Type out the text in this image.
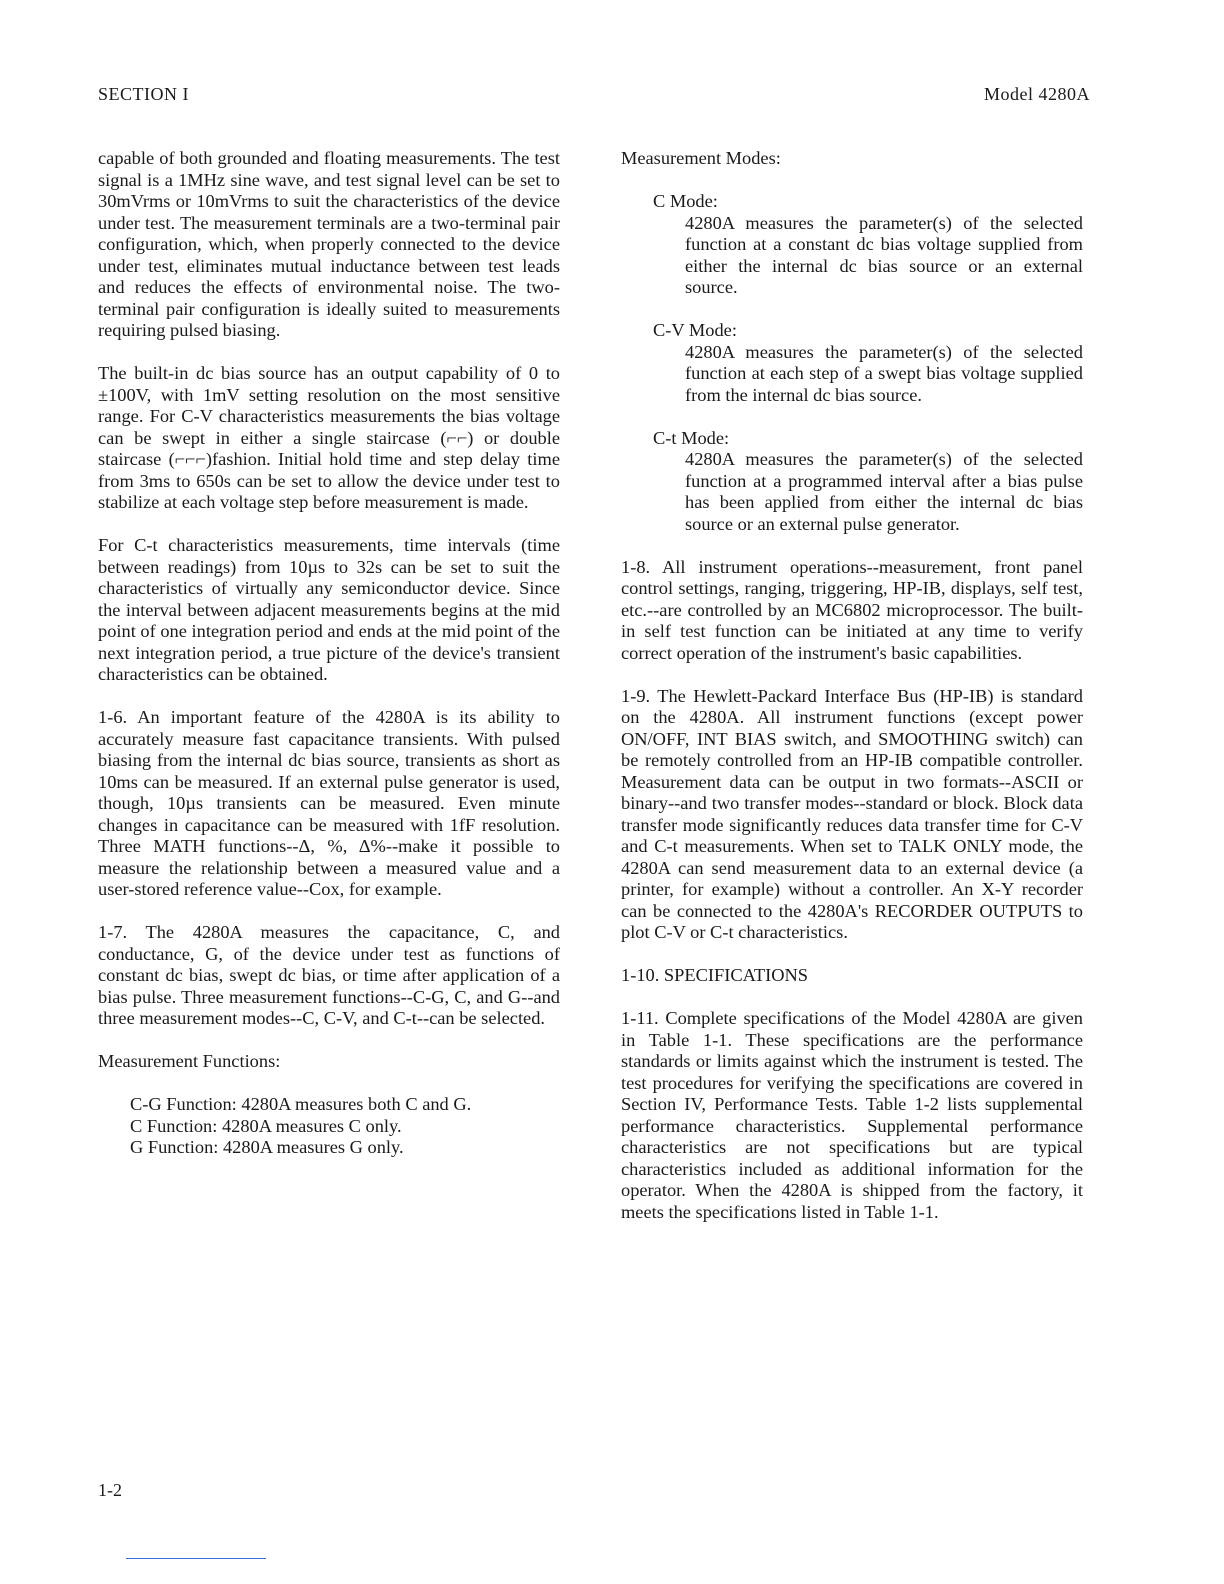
SECTION I	Model 4280A

capable of both grounded and floating measurements. The test signal is a 1MHz sine wave, and test signal level can be set to 30mVrms or 10mVrms to suit the characteristics of the device under test. The measurement terminals are a two-terminal pair configuration, which, when properly connected to the device under test, eliminates mutual inductance between test leads and reduces the effects of environmental noise. The two-terminal pair configuration is ideally suited to measurements requiring pulsed biasing.

The built-in dc bias source has an output capability of 0 to ±100V, with 1mV setting resolution on the most sensitive range. For C-V characteristics measurements the bias voltage can be swept in either a single staircase (⌐⌐) or double staircase (⌐⌐⌐)fashion. Initial hold time and step delay time from 3ms to 650s can be set to allow the device under test to stabilize at each voltage step before measurement is made.

For C-t characteristics measurements, time intervals (time between readings) from 10µs to 32s can be set to suit the characteristics of virtually any semiconductor device. Since the interval between adjacent measurements begins at the mid point of one integration period and ends at the mid point of the next integration period, a true picture of the device's transient characteristics can be obtained.

1-6. An important feature of the 4280A is its ability to accurately measure fast capacitance transients. With pulsed biasing from the internal dc bias source, transients as short as 10ms can be measured. If an external pulse generator is used, though, 10µs transients can be measured. Even minute changes in capacitance can be measured with 1fF resolution. Three MATH functions--Δ, %, Δ%--make it possible to measure the relationship between a measured value and a user-stored reference value--Cox, for example.

1-7. The 4280A measures the capacitance, C, and conductance, G, of the device under test as functions of constant dc bias, swept dc bias, or time after application of a bias pulse. Three measurement functions--C-G, C, and G--and three measurement modes--C, C-V, and C-t--can be selected.

Measurement Functions:
C-G Function: 4280A measures both C and G.
C Function: 4280A measures C only.
G Function: 4280A measures G only.
Measurement Modes:
C Mode:
4280A measures the parameter(s) of the selected function at a constant dc bias voltage supplied from either the internal dc bias source or an external source.
C-V Mode:
4280A measures the parameter(s) of the selected function at each step of a swept bias voltage supplied from the internal dc bias source.
C-t Mode:
4280A measures the parameter(s) of the selected function at a programmed interval after a bias pulse has been applied from either the internal dc bias source or an external pulse generator.

1-8. All instrument operations--measurement, front panel control settings, ranging, triggering, HP-IB, displays, self test, etc.--are controlled by an MC6802 microprocessor. The built-in self test function can be initiated at any time to verify correct operation of the instrument's basic capabilities.

1-9. The Hewlett-Packard Interface Bus (HP-IB) is standard on the 4280A. All instrument functions (except power ON/OFF, INT BIAS switch, and SMOOTHING switch) can be remotely controlled from an HP-IB compatible controller. Measurement data can be output in two formats--ASCII or binary--and two transfer modes--standard or block. Block data transfer mode significantly reduces data transfer time for C-V and C-t measurements. When set to TALK ONLY mode, the 4280A can send measurement data to an external device (a printer, for example) without a controller. An X-Y recorder can be connected to the 4280A's RECORDER OUTPUTS to plot C-V or C-t characteristics.

1-10. SPECIFICATIONS

1-11. Complete specifications of the Model 4280A are given in Table 1-1. These specifications are the performance standards or limits against which the instrument is tested. The test procedures for verifying the specifications are covered in Section IV, Performance Tests. Table 1-2 lists supplemental performance characteristics. Supplemental performance characteristics are not specifications but are typical characteristics included as additional information for the operator. When the 4280A is shipped from the factory, it meets the specifications listed in Table 1-1.

1-2
